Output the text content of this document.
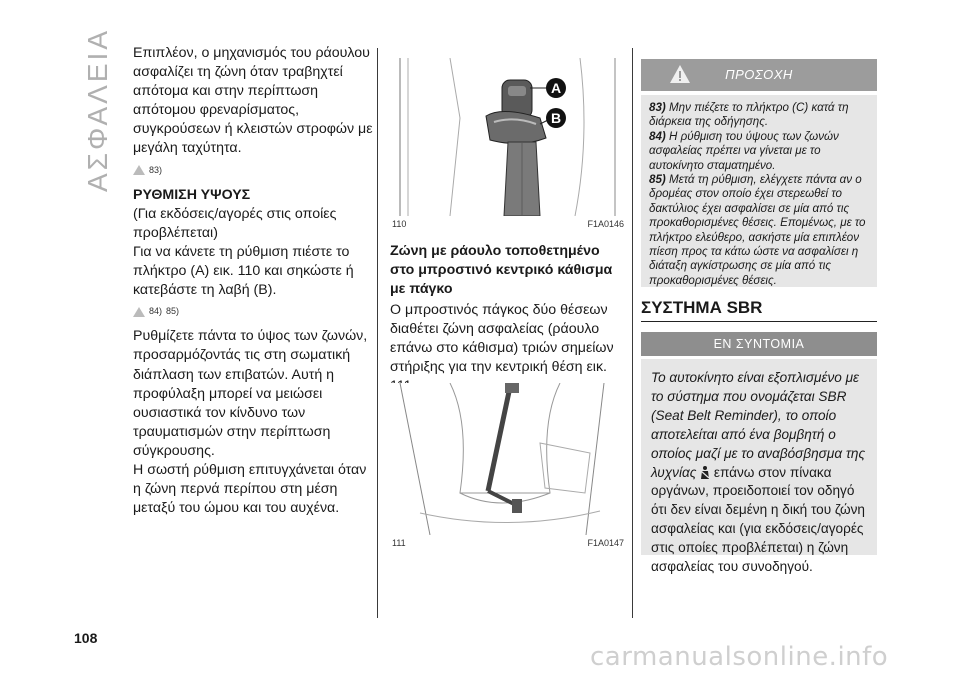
ΑΣΦΑΛΕΙΑ
108

Επιπλέον, ο μηχανισμός του ράουλου ασφαλίζει τη ζώνη όταν τραβηχτεί απότομα και στην περίπτωση απότομου φρεναρίσματος, συγκρούσεων ή κλειστών στροφών με μεγάλη ταχύτητα.

83)

ΡΥΘΜΙΣΗ ΥΨΟΥΣ

(Για εκδόσεις/αγορές στις οποίες προβλέπεται)

Για να κάνετε τη ρύθμιση πιέστε το πλήκτρο (A) εικ. 110 και σηκώστε ή κατεβάστε τη λαβή (B).

84) 85)

Ρυθμίζετε πάντα το ύψος των ζωνών, προσαρμόζοντάς τις στη σωματική διάπλαση των επιβατών. Αυτή η προφύλαξη μπορεί να μειώσει ουσιαστικά τον κίνδυνο των τραυματισμών στην περίπτωση σύγκρουσης.

Η σωστή ρύθμιση επιτυγχάνεται όταν η ζώνη περνά περίπου στη μέση μεταξύ του ώμου και του αυχένα.

A
B
110	F1A0146

Ζώνη με ράουλο τοποθετημένο στο μπροστινό κεντρικό κάθισμα με πάγκο

Ο μπροστινός πάγκος δύο θέσεων διαθέτει ζώνη ασφαλείας (ράουλο επάνω στο κάθισμα) τριών σημείων στήριξης για την κεντρική θέση εικ.

111	F1A0147
ΠΡΟΣΟΧΗ

83) Μην πιέζετε το πλήκτρο (C) κατά τη διάρκεια της οδήγησης.

84) Η ρύθμιση του ύψους των ζωνών ασφαλείας πρέπει να γίνεται με το αυτοκίνητο σταματημένο.

85) Μετά τη ρύθμιση, ελέγχετε πάντα αν ο δρομέας στον οποίο έχει στερεωθεί το δακτύλιος έχει ασφαλίσει σε μία από τις προκαθορισμένες θέσεις. Επομένως, με το πλήκτρο ελεύθερο, ασκήστε μία επιπλέον πίεση προς τα κάτω ώστε να ασφαλίσει η διάταξη αγκίστρωσης σε μία από τις προκαθορισμένες θέσεις.

ΣΥΣΤΗΜΑ SBR
ΕΝ ΣΥΝΤΟΜΙΑ

Το αυτοκίνητο είναι εξοπλισμένο με το σύστημα που ονομάζεται SBR (Seat Belt Reminder), το οποίο αποτελείται από ένα βομβητή ο οποίος μαζί με το αναβόσβησμα της λυχνίας  επάνω στον πίνακα οργάνων, προειδοποιεί τον οδηγό ότι δεν είναι δεμένη η δική του ζώνη ασφαλείας και (για εκδόσεις/αγορές στις οποίες προβλέπεται) η ζώνη ασφαλείας του συνοδηγού.

carmanualsonline.info
